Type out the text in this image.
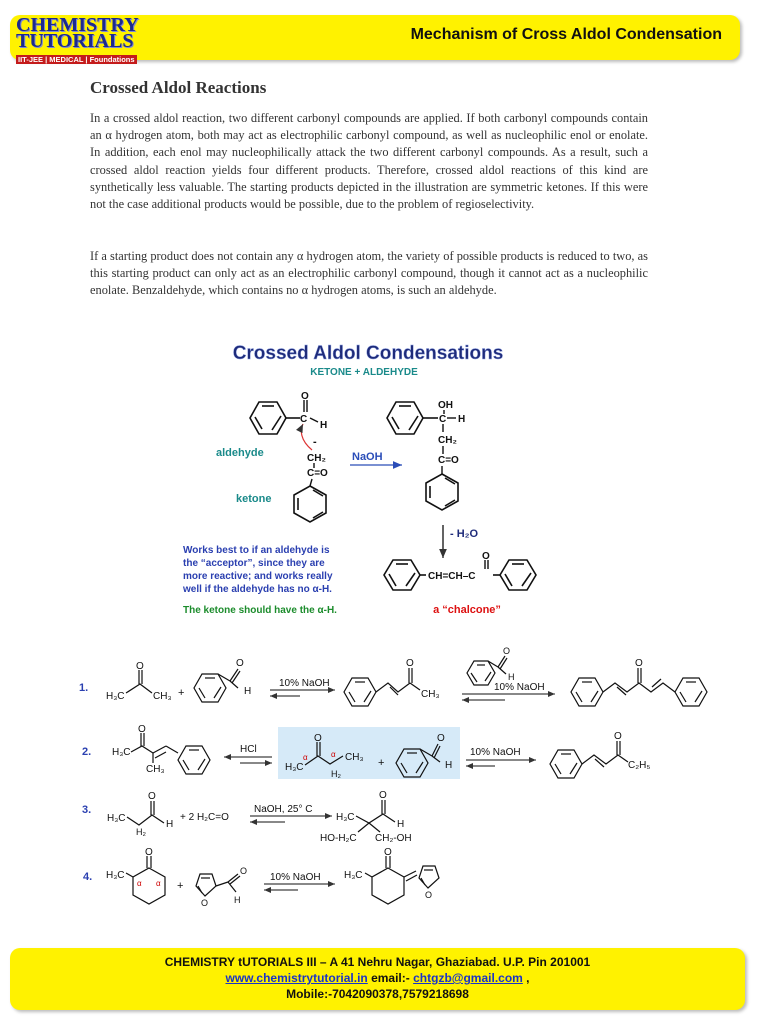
CHEMISTRY
TUTORIALS
IIT-JEE | MEDICAL | Foundations
Mechanism of Cross Aldol Condensation
Crossed Aldol Reactions

In a crossed aldol reaction, two different carbonyl compounds are applied. If both carbonyl compounds contain an α hydrogen atom, both may act as electrophilic carbonyl compound, as well as nucleophilic enol or enolate. In addition, each enol may nucleophilically attack the two different carbonyl compounds. As a result, such a crossed aldol reaction yields four different products. Therefore, crossed aldol reactions of this kind are synthetically less valuable. The starting products depicted in the illustration are symmetric ketones. If this were not the case additional products would be possible, due to the problem of regioselectivity.

If a starting product does not contain any α hydrogen atom, the variety of possible products is reduced to two, as this starting product can only act as an electrophilic carbonyl compound, though it cannot act as a nucleophilic enolate. Benzaldehyde, which contains no α hydrogen atoms, is such an aldehyde.

Crossed Aldol Condensations
KETONE + ALDEHYDE
O
C
H
aldehyde
-
CH₂
C=O
ketone
NaOH
OH
C H
CH₂
C=O
- H₂O
Works best to if an aldehyde is
the “acceptor”, since they are
more reactive; and works really
well if the aldehyde has no α-H.
The ketone should have the α-H.
CH=CH–C
O
a “chalcone”
1.
H₃C
O
CH₃ +
O
H
10% NaOH
O
CH₃
O
H
10% NaOH
O
2. H₃C
O
CH₃
HCl
H₃C
O
α	α
H₂
CH₃ +
O
H
10% NaOH
O
C₂H₅
3.
H₃C
O
H₂
H
+ 2 H₂C=O
NaOH, 25° C
H₃C
O
H
HO-H₂C CH₂-OH
4. H₃C
O
α α +
O
O
H
10% NaOH H₃C
O
O
CHEMISTRY tUTORIALS III – A 41 Nehru Nagar, Ghaziabad. U.P. Pin 201001
www.chemistrytutorial.in email:- chtgzb@gmail.com ,
Mobile:-7042090378,7579218698
